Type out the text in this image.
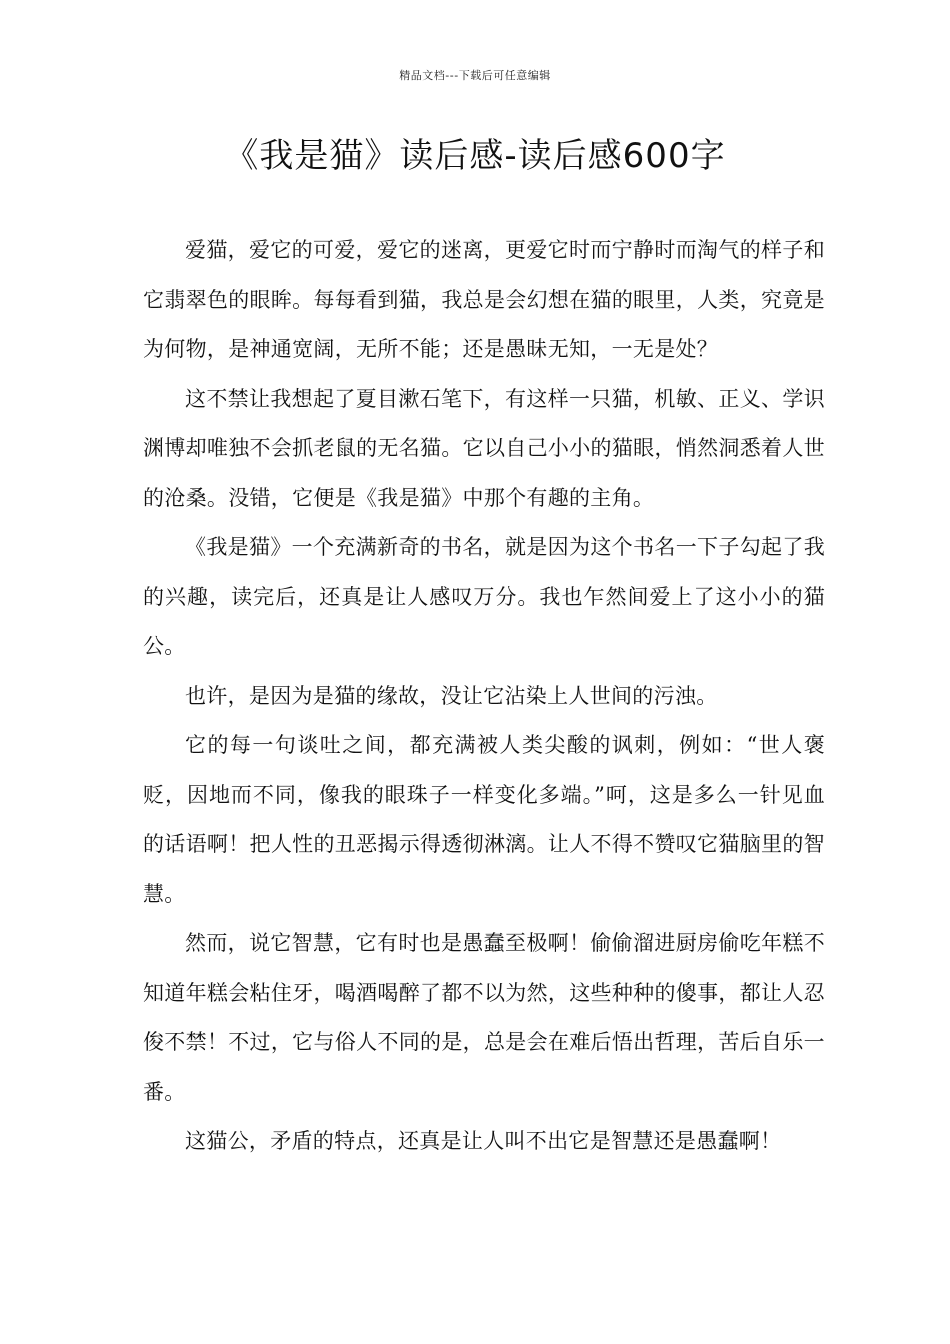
精品文档---下载后可任意编辑
《我是猫》读后感-读后感600字

爱猫，爱它的可爱，爱它的迷离，更爱它时而宁静时而淘气的样子和它翡翠色的眼眸。每每看到猫，我总是会幻想在猫的眼里，人类，究竟是为何物，是神通宽阔，无所不能；还是愚昧无知，一无是处？

这不禁让我想起了夏目漱石笔下，有这样一只猫，机敏、正义、学识渊博却唯独不会抓老鼠的无名猫。它以自己小小的猫眼，悄然洞悉着人世的沧桑。没错，它便是《我是猫》中那个有趣的主角。

《我是猫》一个充满新奇的书名，就是因为这个书名一下子勾起了我的兴趣，读完后，还真是让人感叹万分。我也乍然间爱上了这小小的猫公。

也许，是因为是猫的缘故，没让它沾染上人世间的污浊。

它的每一句谈吐之间，都充满被人类尖酸的讽刺，例如：“世人褒贬，因地而不同，像我的眼珠子一样变化多端。”呵，这是多么一针见血的话语啊！把人性的丑恶揭示得透彻淋漓。让人不得不赞叹它猫脑里的智慧。

然而，说它智慧，它有时也是愚蠢至极啊！偷偷溜进厨房偷吃年糕不知道年糕会粘住牙，喝酒喝醉了都不以为然，这些种种的傻事，都让人忍俊不禁！不过，它与俗人不同的是，总是会在难后悟出哲理，苦后自乐一番。

这猫公，矛盾的特点，还真是让人叫不出它是智慧还是愚蠢啊！
